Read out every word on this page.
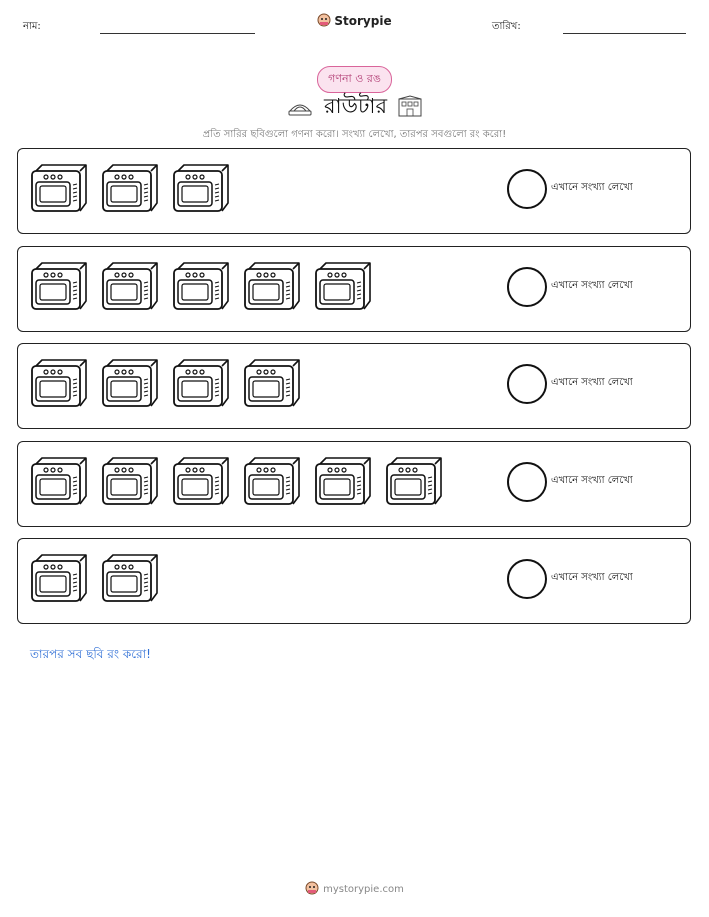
নাম:	Storypie	তারিখ:
গণনা ও রঙ
রাউটার
প্রতি সারির ছবিগুলো গণনা করো। সংখ্যা লেখো, তারপর সবগুলো রং করো!
এখানে সংখ্যা লেখো
এখানে সংখ্যা লেখো
এখানে সংখ্যা লেখো
এখানে সংখ্যা লেখো
এখানে সংখ্যা লেখো
তারপর সব ছবি রং করো!
mystorypie.com
